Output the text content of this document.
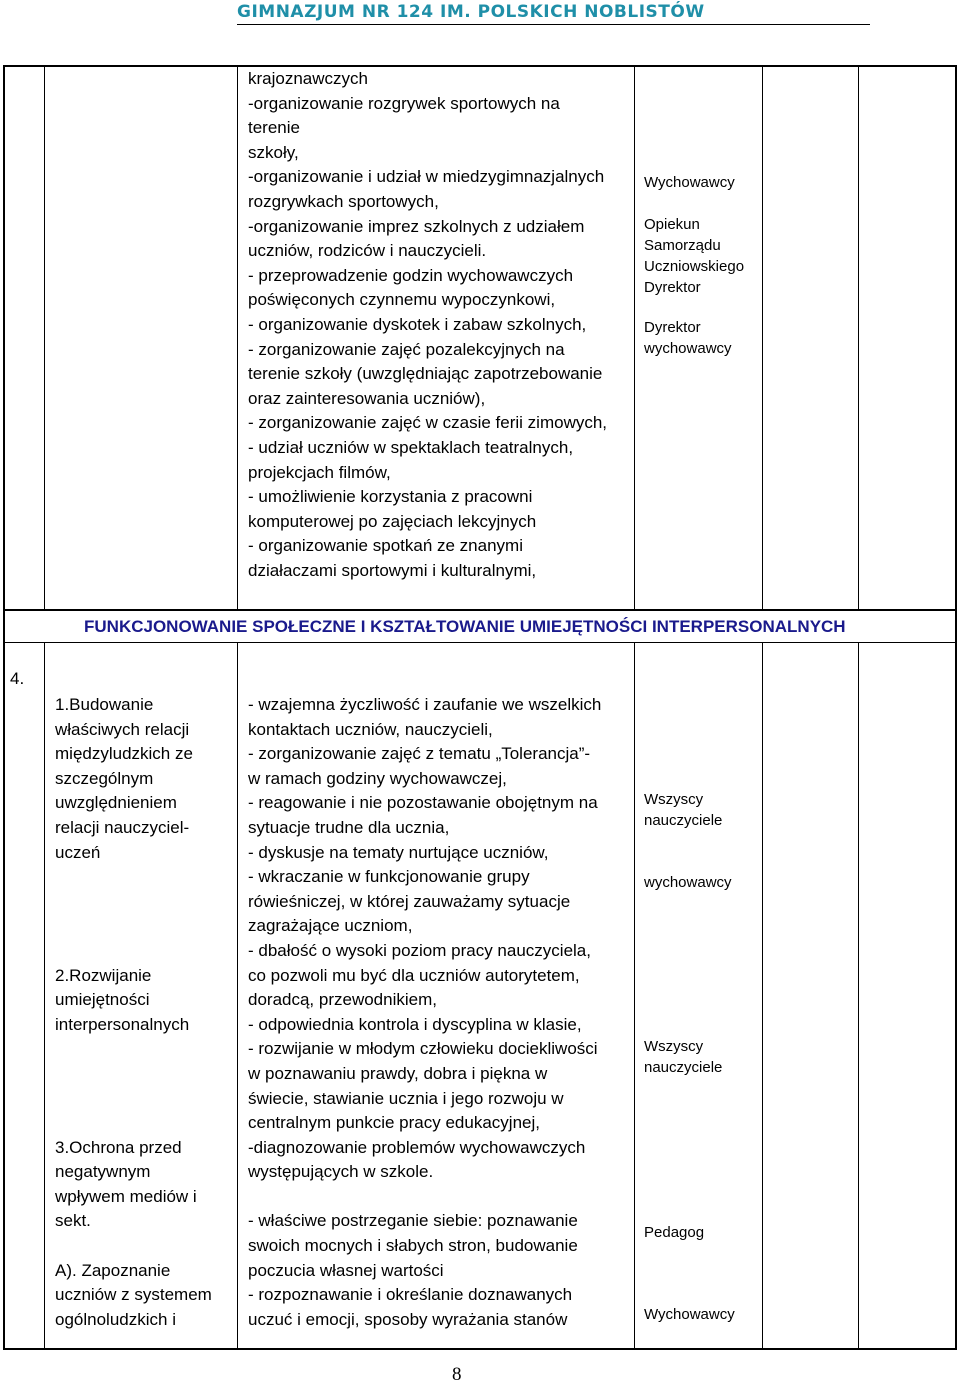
GIMNAZJUM NR 124 IM. POLSKICH NOBLISTÓW
krajoznawczych
-organizowanie rozgrywek sportowych na
terenie
szkoły,
-organizowanie i udział w miedzygimnazjalnych
rozgrywkach sportowych,
-organizowanie imprez szkolnych z udziałem
uczniów, rodziców i nauczycieli.
- przeprowadzenie godzin wychowawczych
poświęconych czynnemu wypoczynkowi,
- organizowanie dyskotek i zabaw szkolnych,
- zorganizowanie zajęć pozalekcyjnych na
terenie szkoły (uwzględniając zapotrzebowanie
oraz zainteresowania uczniów),
- zorganizowanie zajęć w czasie ferii zimowych,
- udział uczniów w spektaklach teatralnych,
projekcjach filmów,
- umożliwienie korzystania z pracowni
komputerowej po zajęciach lekcyjnych
- organizowanie spotkań ze znanymi
działaczami sportowymi i kulturalnymi,
Wychowawcy
Opiekun
Samorządu
Uczniowskiego
Dyrektor
Dyrektor
wychowawcy
FUNKCJONOWANIE SPOŁECZNE I KSZTAŁTOWANIE UMIEJĘTNOŚCI INTERPERSONALNYCH
4.
1.Budowanie
właściwych relacji
międzyludzkich ze
szczególnym
uwzględnieniem
relacji nauczyciel-
uczeń
2.Rozwijanie
umiejętności
interpersonalnych
3.Ochrona przed
negatywnym
wpływem mediów i
sekt.
A). Zapoznanie
uczniów z systemem
ogólnoludzkich i
- wzajemna życzliwość i zaufanie we wszelkich
kontaktach uczniów, nauczycieli,
- zorganizowanie zajęć z tematu „Tolerancja”-
w ramach godziny wychowawczej,
- reagowanie i nie pozostawanie obojętnym na
sytuacje trudne dla ucznia,
- dyskusje na tematy nurtujące uczniów,
- wkraczanie w funkcjonowanie grupy
rówieśniczej, w której zauważamy sytuacje
zagrażające uczniom,
- dbałość o wysoki poziom pracy nauczyciela,
co pozwoli mu być dla uczniów autorytetem,
doradcą, przewodnikiem,
- odpowiednia kontrola i dyscyplina w klasie,
- rozwijanie w młodym człowieku dociekliwości
w poznawaniu prawdy, dobra i piękna w
świecie, stawianie ucznia i jego rozwoju w
centralnym punkcie pracy edukacyjnej,
-diagnozowanie problemów wychowawczych
występujących w szkole.
- właściwe postrzeganie siebie: poznawanie
swoich mocnych i słabych stron, budowanie
poczucia własnej wartości
- rozpoznawanie i określanie doznawanych
uczuć i emocji, sposoby wyrażania stanów
Wszyscy
nauczyciele
wychowawcy
Wszyscy
nauczyciele
Pedagog
Wychowawcy
8
